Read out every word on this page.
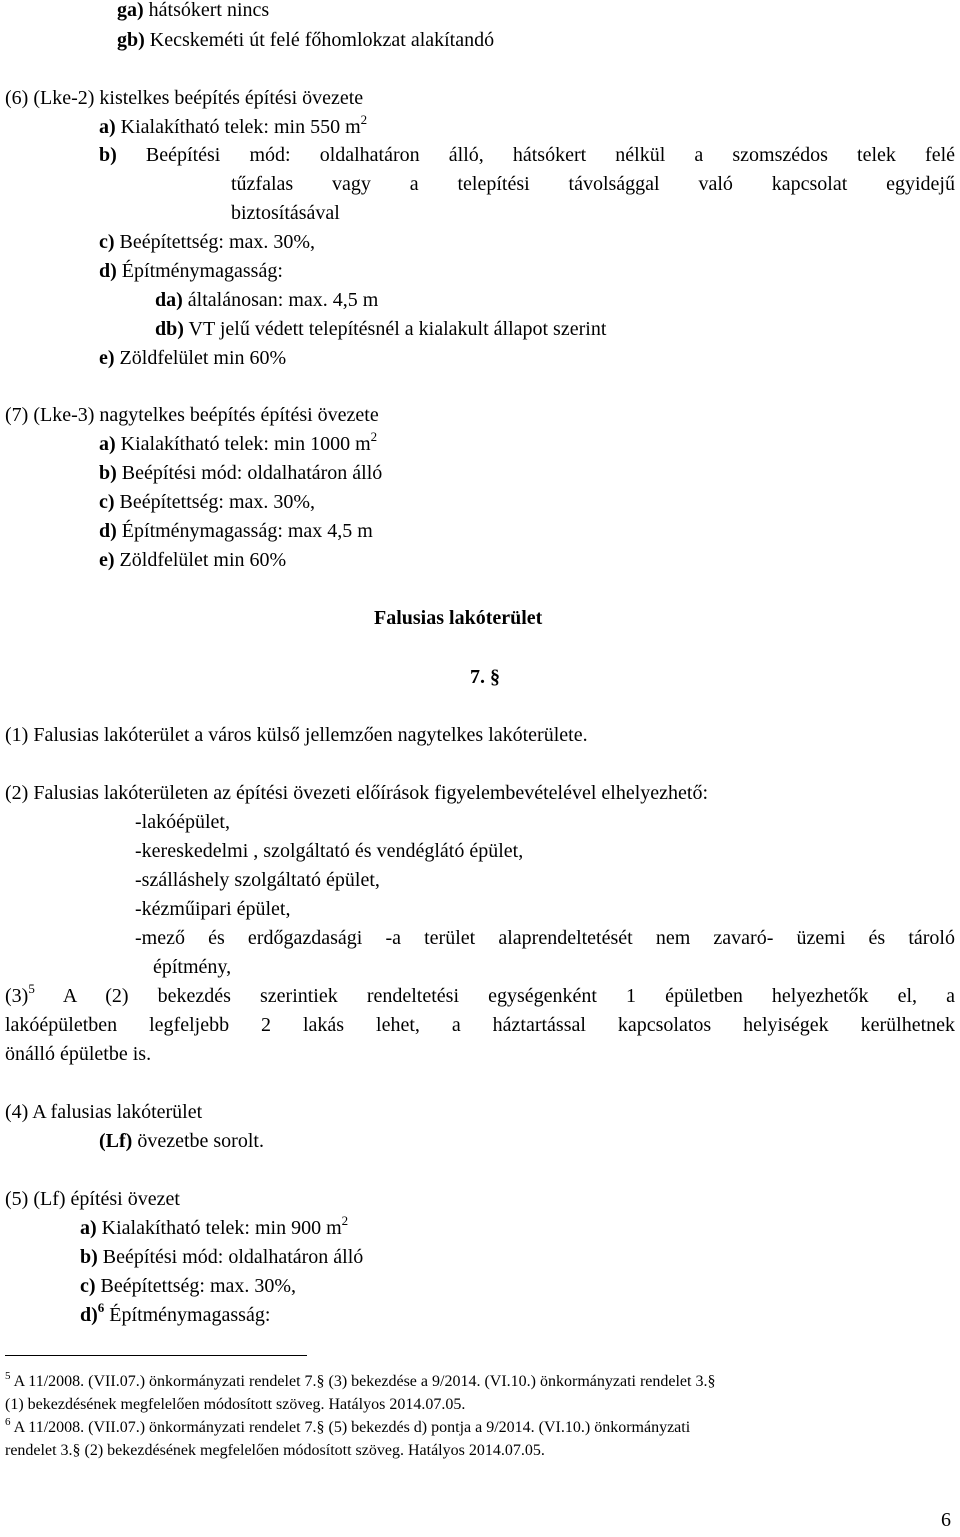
ga) hátsókert nincs
gb) Kecskeméti út felé főhomlokzat alakítandó
(6) (Lke-2) kistelkes beépítés építési övezete
a) Kialakítható telek: min 550 $m^2$
b) Beépítési mód: oldalhatáron álló, hátsókert nélkül a szomszédos telek felé
tűzfalas vagy a telepítési távolsággal való kapcsolat egyidejű
biztosításával
c) Beépítettség: max. 30%,
d) Építménymagasság:
da) általánosan: max. 4,5 m
db) VT jelű védett telepítésnél a kialakult állapot szerint
e) Zöldfelület min 60%
(7) (Lke-3) nagytelkes beépítés építési övezete
a) Kialakítható telek: min 1000 $m^2$
b) Beépítési mód: oldalhatáron álló
c) Beépítettség: max. 30%,
d) Építménymagasság: max 4,5 m
e) Zöldfelület min 60%
Falusias lakóterület
7. §
(1) Falusias lakóterület a város külső jellemzően nagytelkes lakóterülete.
(2) Falusias lakóterületen az építési övezeti előírások figyelembevételével elhelyezhető:
-lakóépület,
-kereskedelmi , szolgáltató és vendéglátó épület,
-szálláshely szolgáltató épület,
-kézműipari épület,
-mező és erdőgazdasági -a terület alaprendeltetését nem zavaró- üzemi és tároló
építmény,
$(3)^5$ A (2) bekezdés szerintiek rendeltetési egységenként 1 épületben helyezhetők el, a
lakóépületben legfeljebb 2 lakás lehet, a háztartással kapcsolatos helyiségek kerülhetnek
önálló épületbe is.
(4) A falusias lakóterület
(Lf) övezetbe sorolt.
(5) (Lf) építési övezet
a) Kialakítható telek: min 900 $m^2$
b) Beépítési mód: oldalhatáron álló
c) Beépítettség: max. 30%,
d)$^6$ Építménymagasság:
$^5$ A 11/2008. (VII.07.) önkormányzati rendelet 7.§ (3) bekezdése a 9/2014. (VI.10.) önkormányzati rendelet 3.§
(1) bekezdésének megfelelően módosított szöveg. Hatályos 2014.07.05.
$^6$ A 11/2008. (VII.07.) önkormányzati rendelet 7.§ (5) bekezdés d) pontja a 9/2014. (VI.10.) önkormányzati
rendelet 3.§ (2) bekezdésének megfelelően módosított szöveg. Hatályos 2014.07.05.
6
